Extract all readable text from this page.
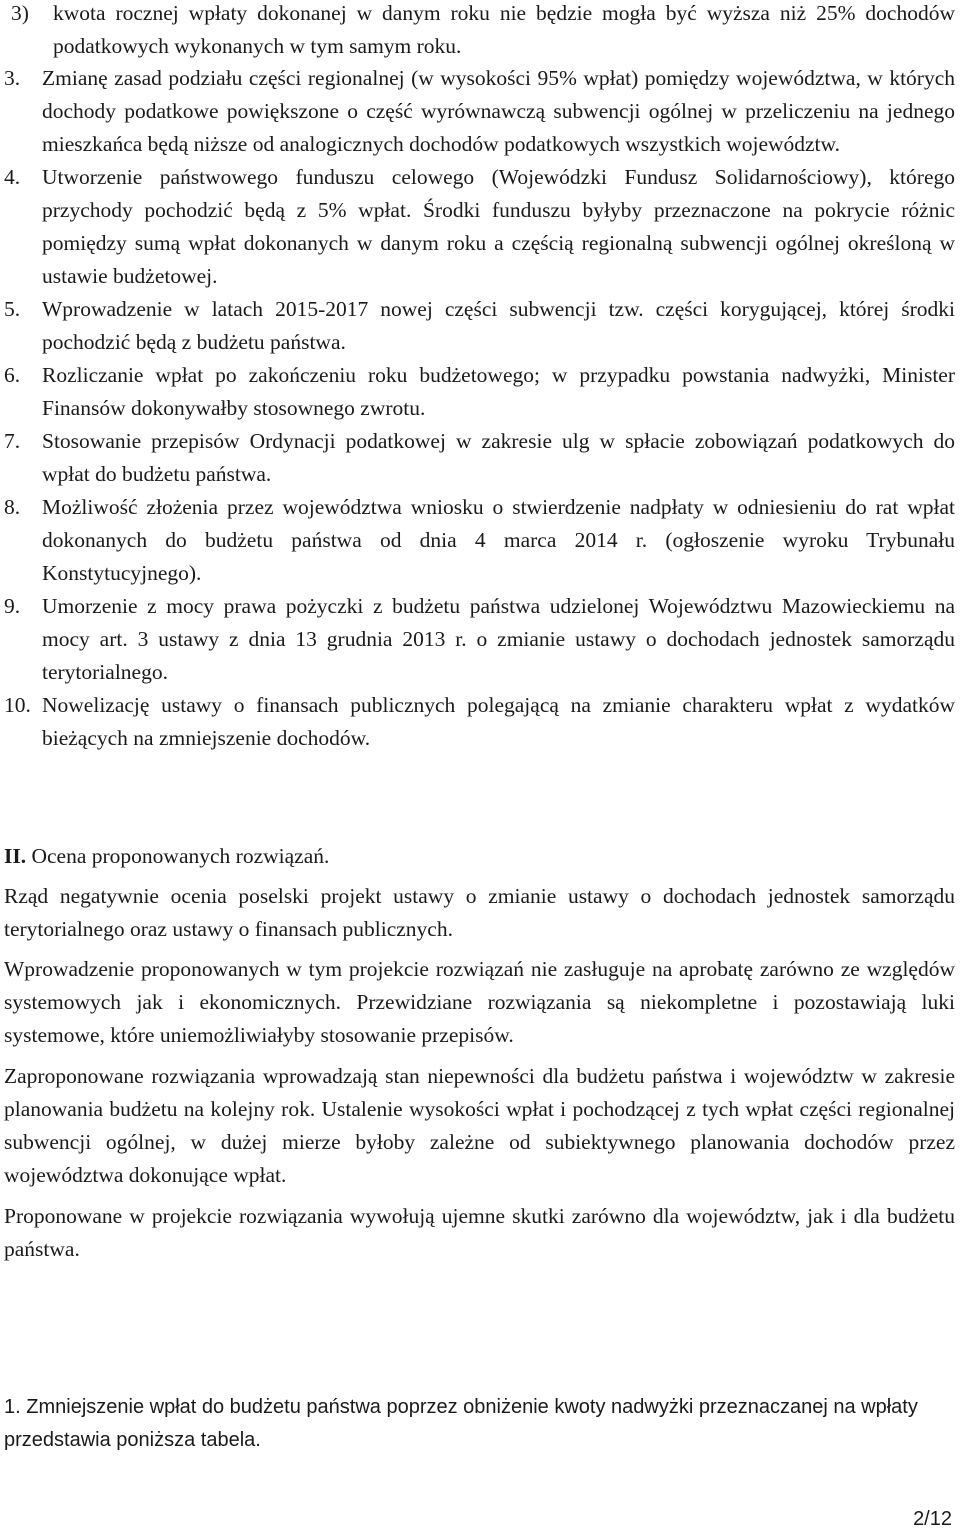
3) kwota rocznej wpłaty dokonanej w danym roku nie będzie mogła być wyższa niż 25% dochodów podatkowych wykonanych w tym samym roku.
3.	Zmianę zasad podziału części regionalnej (w wysokości 95% wpłat) pomiędzy województwa, w których dochody podatkowe powiększone o część wyrównawczą subwencji ogólnej w przeliczeniu na jednego mieszkańca będą niższe od analogicznych dochodów podatkowych wszystkich województw.
4.	Utworzenie państwowego funduszu celowego (Wojewódzki Fundusz Solidarnościowy), którego przychody pochodzić będą z 5% wpłat. Środki funduszu byłyby przeznaczone na pokrycie różnic pomiędzy sumą wpłat dokonanych w danym roku a częścią regionalną subwencji ogólnej określoną w ustawie budżetowej.
5.	Wprowadzenie w latach 2015-2017 nowej części subwencji tzw. części korygującej, której środki pochodzić będą z budżetu państwa.
6.	Rozliczanie wpłat po zakończeniu roku budżetowego; w przypadku powstania nadwyżki, Minister Finansów dokonywałby stosownego zwrotu.
7.	Stosowanie przepisów Ordynacji podatkowej w zakresie ulg w spłacie zobowiązań podatkowych do wpłat do budżetu państwa.
8.	Możliwość złożenia przez województwa wniosku o stwierdzenie nadpłaty w odniesieniu do rat wpłat dokonanych do budżetu państwa od dnia 4 marca 2014 r. (ogłoszenie wyroku Trybunału Konstytucyjnego).
9.	Umorzenie z mocy prawa pożyczki z budżetu państwa udzielonej Województwu Mazowieckiemu na mocy art. 3 ustawy z dnia 13 grudnia 2013 r. o zmianie ustawy o dochodach jednostek samorządu terytorialnego.
10. Nowelizację ustawy o finansach publicznych polegającą na zmianie charakteru wpłat z wydatków bieżących na zmniejszenie dochodów.
II. Ocena proponowanych rozwiązań.
Rząd negatywnie ocenia poselski projekt ustawy o zmianie ustawy o dochodach jednostek samorządu terytorialnego oraz ustawy o finansach publicznych.
Wprowadzenie proponowanych w tym projekcie rozwiązań nie zasługuje na aprobatę zarówno ze względów systemowych jak i ekonomicznych. Przewidziane rozwiązania są niekompletne i pozostawiają luki systemowe, które uniemożliwiałyby stosowanie przepisów.
Zaproponowane rozwiązania wprowadzają stan niepewności dla budżetu państwa i województw w zakresie planowania budżetu na kolejny rok. Ustalenie wysokości wpłat i pochodzącej z tych wpłat części regionalnej subwencji ogólnej, w dużej mierze byłoby zależne od subiektywnego planowania dochodów przez województwa dokonujące wpłat.
Proponowane w projekcie rozwiązania wywołują ujemne skutki zarówno dla województw, jak i dla budżetu państwa.
1. Zmniejszenie wpłat do budżetu państwa poprzez obniżenie kwoty nadwyżki przeznaczanej na wpłaty przedstawia poniższa tabela.
2/12
